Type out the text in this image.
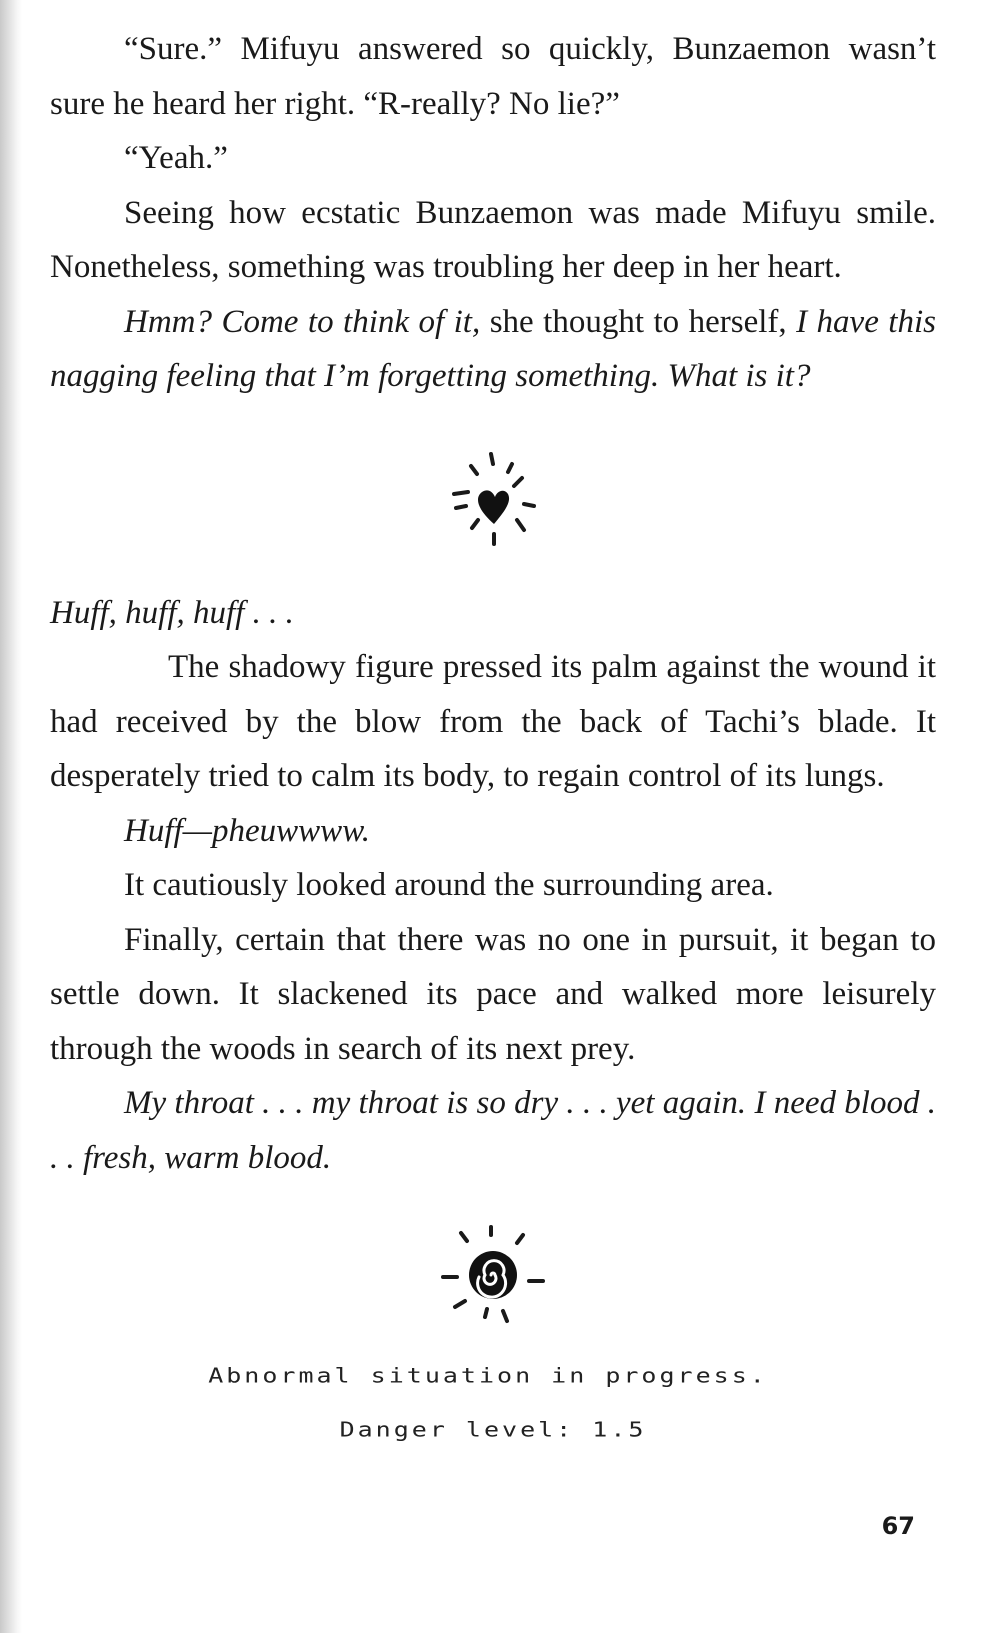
“Sure.” Mifuyu answered so quickly, Bunzaemon wasn’t sure he heard her right. “R-really? No lie?”

“Yeah.”

Seeing how ecstatic Bunzaemon was made Mifuyu smile. Nonetheless, something was troubling her deep in her heart.

Hmm? Come to think of it, she thought to herself, I have this nagging feeling that I’m forgetting something. What is it?

Huff, huff, huff . . .

The shadowy figure pressed its palm against the wound it had received by the blow from the back of Tachi’s blade. It desperately tried to calm its body, to regain control of its lungs.

Huff—pheuwwww.

It cautiously looked around the surrounding area.

Finally, certain that there was no one in pursuit, it began to settle down. It slackened its pace and walked more leisurely through the woods in search of its next prey.

My throat . . . my throat is so dry . . . yet again. I need blood . . . fresh, warm blood.

Abnormal situation in progress.

Danger level: 1.5

67
